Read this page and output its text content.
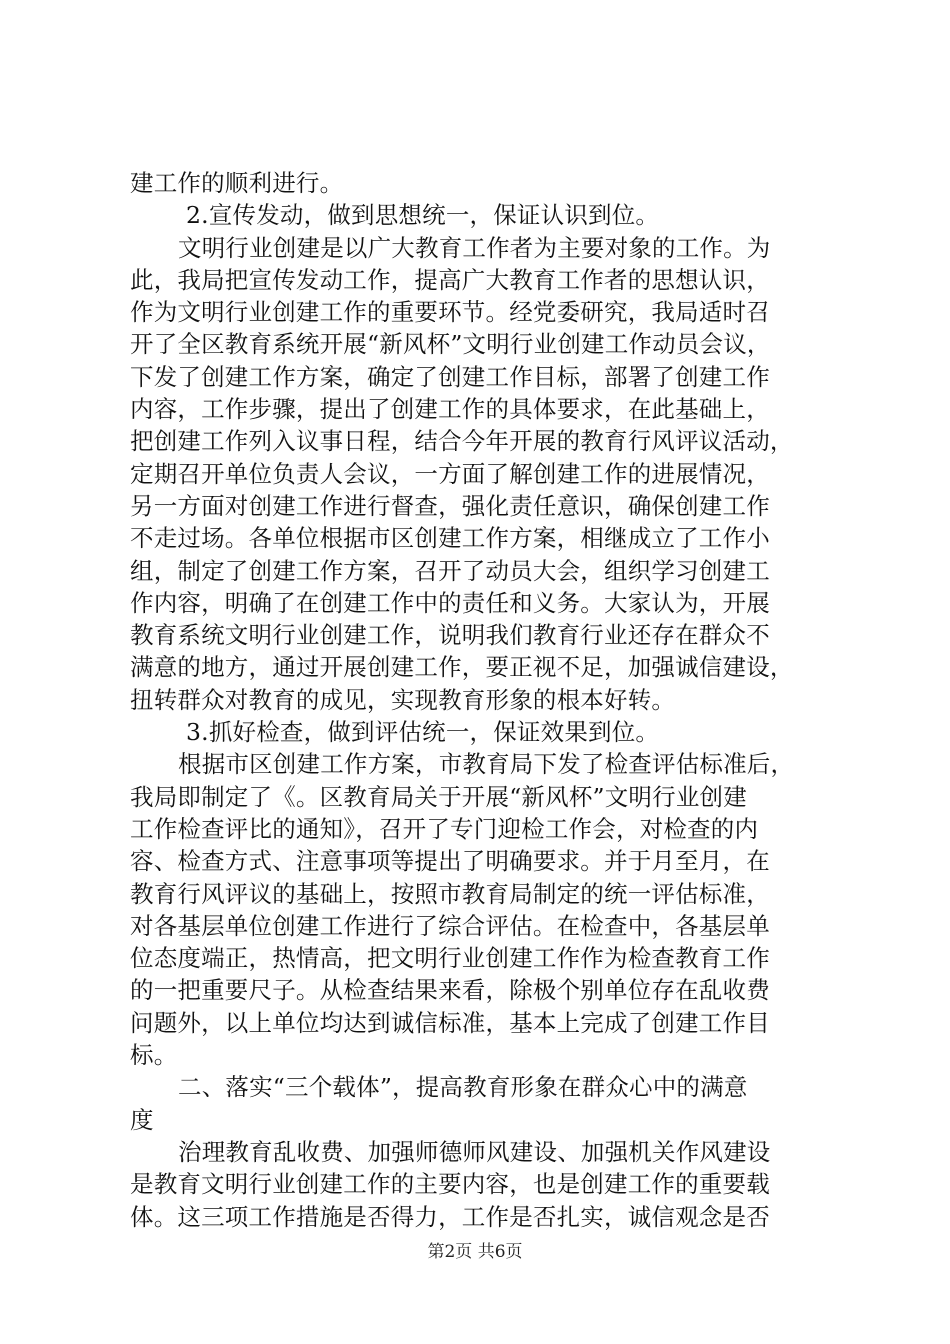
建工作的顺利进行。
2.宣传发动，做到思想统一，保证认识到位。
文明行业创建是以广大教育工作者为主要对象的工作。为
此，我局把宣传发动工作，提高广大教育工作者的思想认识，
作为文明行业创建工作的重要环节。经党委研究，我局适时召
开了全区教育系统开展“新风杯”文明行业创建工作动员会议，
下发了创建工作方案，确定了创建工作目标，部署了创建工作
内容，工作步骤，提出了创建工作的具体要求，在此基础上，
把创建工作列入议事日程，结合今年开展的教育行风评议活动，
定期召开单位负责人会议，一方面了解创建工作的进展情况，
另一方面对创建工作进行督查，强化责任意识，确保创建工作
不走过场。各单位根据市区创建工作方案，相继成立了工作小
组，制定了创建工作方案，召开了动员大会，组织学习创建工
作内容，明确了在创建工作中的责任和义务。大家认为，开展
教育系统文明行业创建工作，说明我们教育行业还存在群众不
满意的地方，通过开展创建工作，要正视不足，加强诚信建设，
扭转群众对教育的成见，实现教育形象的根本好转。
3.抓好检查，做到评估统一，保证效果到位。
根据市区创建工作方案，市教育局下发了检查评估标准后，
我局即制定了《。区教育局关于开展“新风杯”文明行业创建
工作检查评比的通知》，召开了专门迎检工作会，对检查的内
容、检查方式、注意事项等提出了明确要求。并于月至月，在
教育行风评议的基础上，按照市教育局制定的统一评估标准，
对各基层单位创建工作进行了综合评估。在检查中，各基层单
位态度端正，热情高，把文明行业创建工作作为检查教育工作
的一把重要尺子。从检查结果来看，除极个别单位存在乱收费
问题外，以上单位均达到诚信标准，基本上完成了创建工作目
标。
二、落实“三个载体”，提高教育形象在群众心中的满意
度
治理教育乱收费、加强师德师风建设、加强机关作风建设
是教育文明行业创建工作的主要内容，也是创建工作的重要载
体。这三项工作措施是否得力，工作是否扎实，诚信观念是否
第2页 共6页
